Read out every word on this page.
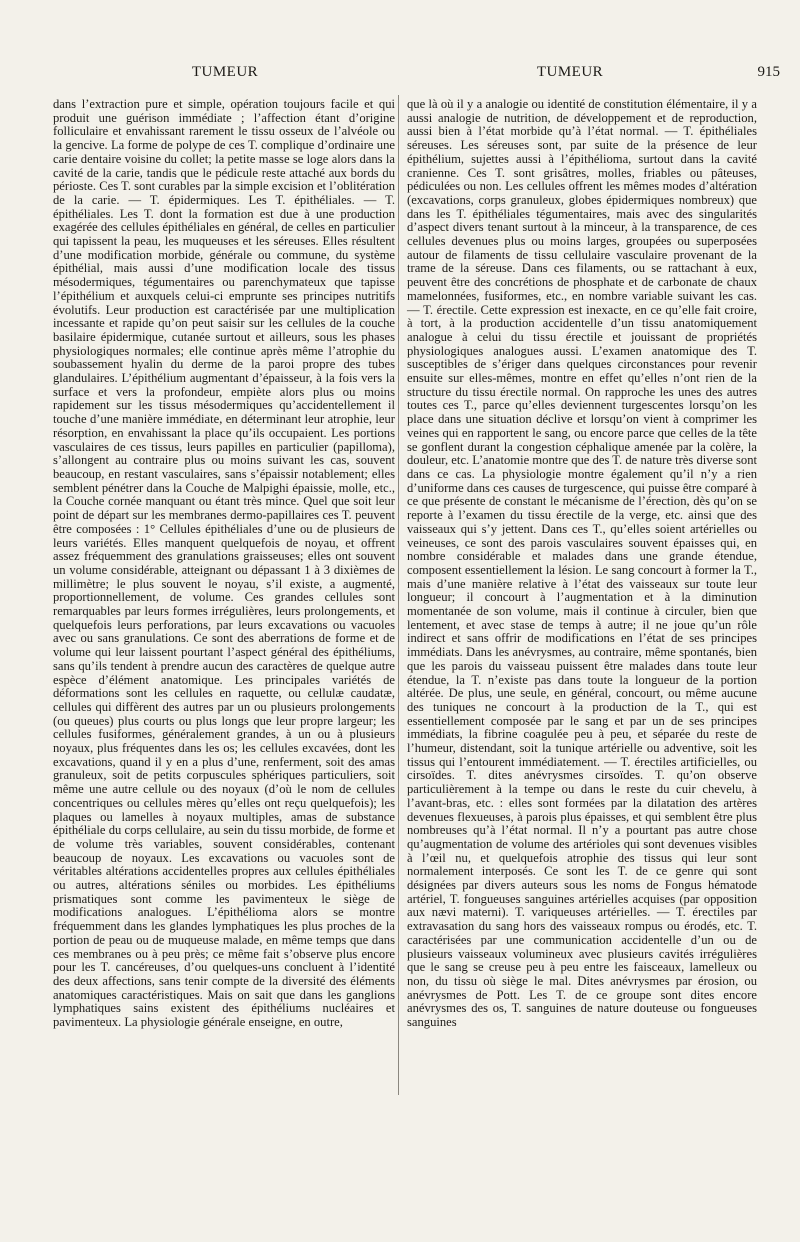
TUMEUR	TUMEUR	915

dans l’extraction pure et simple, opération toujours facile et qui produit une guérison immédiate ; l’affection étant d’origine folliculaire et envahissant rarement le tissu osseux de l’alvéole ou la gencive. La forme de polype de ces T. complique d’ordinaire une carie dentaire voisine du collet; la petite masse se loge alors dans la cavité de la carie, tandis que le pédicule reste attaché aux bords du périoste. Ces T. sont curables par la simple excision et l’oblitération de la carie. — T. épidermiques. Les T. épithéliales. — T. épithéliales. Les T. dont la formation est due à une production exagérée des cellules épithéliales en général, de celles en particulier qui tapissent la peau, les muqueuses et les séreuses. Elles résultent d’une modification morbide, générale ou commune, du système épithélial, mais aussi d’une modification locale des tissus mésodermiques, tégumentaires ou parenchymateux que tapisse l’épithélium et auxquels celui-ci emprunte ses principes nutritifs évolutifs. Leur production est caractérisée par une multiplication incessante et rapide qu’on peut saisir sur les cellules de la couche basilaire épidermique, cutanée surtout et ailleurs, sous les phases physiologiques normales; elle continue après même l’atrophie du soubassement hyalin du derme de la paroi propre des tubes glandulaires. L’épithélium augmentant d’épaisseur, à la fois vers la surface et vers la profondeur, empiète alors plus ou moins rapidement sur les tissus mésodermiques qu’accidentellement il touche d’une manière immédiate, en déterminant leur atrophie, leur résorption, en envahissant la place qu’ils occupaient. Les portions vasculaires de ces tissus, leurs papilles en particulier (papilloma), s’allongent au contraire plus ou moins suivant les cas, souvent beaucoup, en restant vasculaires, sans s’épaissir notablement; elles semblent pénétrer dans la Couche de Malpighi épaissie, molle, etc., la Couche cornée manquant ou étant très mince. Quel que soit leur point de départ sur les membranes dermo-papillaires ces T. peuvent être composées : 1° Cellules épithéliales d’une ou de plusieurs de leurs variétés. Elles manquent quelquefois de noyau, et offrent assez fréquemment des granulations graisseuses; elles ont souvent un volume considérable, atteignant ou dépassant 1 à 3 dixièmes de millimètre; le plus souvent le noyau, s’il existe, a augmenté, proportionnellement, de volume. Ces grandes cellules sont remarquables par leurs formes irrégulières, leurs prolongements, et quelquefois leurs perforations, par leurs excavations ou vacuoles avec ou sans granulations. Ce sont des aberrations de forme et de volume qui leur laissent pourtant l’aspect général des épithéliums, sans qu’ils tendent à prendre aucun des caractères de quelque autre espèce d’élément anatomique. Les principales variétés de déformations sont les cellules en raquette, ou cellulæ caudatæ, cellules qui diffèrent des autres par un ou plusieurs prolongements (ou queues) plus courts ou plus longs que leur propre largeur; les cellules fusiformes, généralement grandes, à un ou à plusieurs noyaux, plus fréquentes dans les os; les cellules excavées, dont les excavations, quand il y en a plus d’une, renferment, soit des amas granuleux, soit de petits corpuscules sphériques particuliers, soit même une autre cellule ou des noyaux (d’où le nom de cellules concentriques ou cellules mères qu’elles ont reçu quelquefois); les plaques ou lamelles à noyaux multiples, amas de substance épithéliale du corps cellulaire, au sein du tissu morbide, de forme et de volume très variables, souvent considérables, contenant beaucoup de noyaux. Les excavations ou vacuoles sont de véritables altérations accidentelles propres aux cellules épithéliales ou autres, altérations séniles ou morbides. Les épithéliums prismatiques sont comme les pavimenteux le siège de modifications analogues. L’épithélioma alors se montre fréquemment dans les glandes lymphatiques les plus proches de la portion de peau ou de muqueuse malade, en même temps que dans ces membranes ou à peu près; ce même fait s’observe plus encore pour les T. cancéreuses, d’ou quelques-uns concluent à l’identité des deux affections, sans tenir compte de la diversité des éléments anatomiques caractéristiques. Mais on sait que dans les ganglions lymphatiques sains existent des épithéliums nucléaires et pavimenteux. La physiologie générale enseigne, en outre,

que là où il y a analogie ou identité de constitution élémentaire, il y a aussi analogie de nutrition, de développement et de reproduction, aussi bien à l’état morbide qu’à l’état normal. — T. épithéliales séreuses. Les séreuses sont, par suite de la présence de leur épithélium, sujettes aussi à l’épithélioma, surtout dans la cavité cranienne. Ces T. sont grisâtres, molles, friables ou pâteuses, pédiculées ou non. Les cellules offrent les mêmes modes d’altération (excavations, corps granuleux, globes épidermiques nombreux) que dans les T. épithéliales tégumentaires, mais avec des singularités d’aspect divers tenant surtout à la minceur, à la transparence, de ces cellules devenues plus ou moins larges, groupées ou superposées autour de filaments de tissu cellulaire vasculaire provenant de la trame de la séreuse. Dans ces filaments, ou se rattachant à eux, peuvent être des concrétions de phosphate et de carbonate de chaux mamelonnées, fusiformes, etc., en nombre variable suivant les cas. — T. érectile. Cette expression est inexacte, en ce qu’elle fait croire, à tort, à la production accidentelle d’un tissu anatomiquement analogue à celui du tissu érectile et jouissant de propriétés physiologiques analogues aussi. L’examen anatomique des T. susceptibles de s’ériger dans quelques circonstances pour revenir ensuite sur elles-mêmes, montre en effet qu’elles n’ont rien de la structure du tissu érectile normal. On rapproche les unes des autres toutes ces T., parce qu’elles deviennent turgescentes lorsqu’on les place dans une situation déclive et lorsqu’on vient à comprimer les veines qui en rapportent le sang, ou encore parce que celles de la tête se gonflent durant la congestion céphalique amenée par la colère, la douleur, etc. L’anatomie montre que des T. de nature très diverse sont dans ce cas. La physiologie montre également qu’il n’y a rien d’uniforme dans ces causes de turgescence, qui puisse être comparé à ce que présente de constant le mécanisme de l’érection, dès qu’on se reporte à l’examen du tissu érectile de la verge, etc. ainsi que des vaisseaux qui s’y jettent. Dans ces T., qu’elles soient artérielles ou veineuses, ce sont des parois vasculaires souvent épaisses qui, en nombre considérable et malades dans une grande étendue, composent essentiellement la lésion. Le sang concourt à former la T., mais d’une manière relative à l’état des vaisseaux sur toute leur longueur; il concourt à l’augmentation et à la diminution momentanée de son volume, mais il continue à circuler, bien que lentement, et avec stase de temps à autre; il ne joue qu’un rôle indirect et sans offrir de modifications en l’état de ses principes immédiats. Dans les anévrysmes, au contraire, même spontanés, bien que les parois du vaisseau puissent être malades dans toute leur étendue, la T. n’existe pas dans toute la longueur de la portion altérée. De plus, une seule, en général, concourt, ou même aucune des tuniques ne concourt à la production de la T., qui est essentiellement composée par le sang et par un de ses principes immédiats, la fibrine coagulée peu à peu, et séparée du reste de l’humeur, distendant, soit la tunique artérielle ou adventive, soit les tissus qui l’entourent immédiatement. — T. érectiles artificielles, ou cirsoïdes. T. dites anévrysmes cirsoïdes. T. qu’on observe particulièrement à la tempe ou dans le reste du cuir chevelu, à l’avant-bras, etc. : elles sont formées par la dilatation des artères devenues flexueuses, à parois plus épaisses, et qui semblent être plus nombreuses qu’à l’état normal. Il n’y a pourtant pas autre chose qu’augmentation de volume des artérioles qui sont devenues visibles à l’œil nu, et quelquefois atrophie des tissus qui leur sont normalement interposés. Ce sont les T. de ce genre qui sont désignées par divers auteurs sous les noms de Fongus hématode artériel, T. fongueuses sanguines artérielles acquises (par opposition aux nævi materni). T. variqueuses artérielles. — T. érectiles par extravasation du sang hors des vaisseaux rompus ou érodés, etc. T. caractérisées par une communication accidentelle d’un ou de plusieurs vaisseaux volumineux avec plusieurs cavités irrégulières que le sang se creuse peu à peu entre les faisceaux, lamelleux ou non, du tissu où siège le mal. Dites anévrysmes par érosion, ou anévrysmes de Pott. Les T. de ce groupe sont dites encore anévrysmes des os, T. sanguines de nature douteuse ou fongueuses sanguines
